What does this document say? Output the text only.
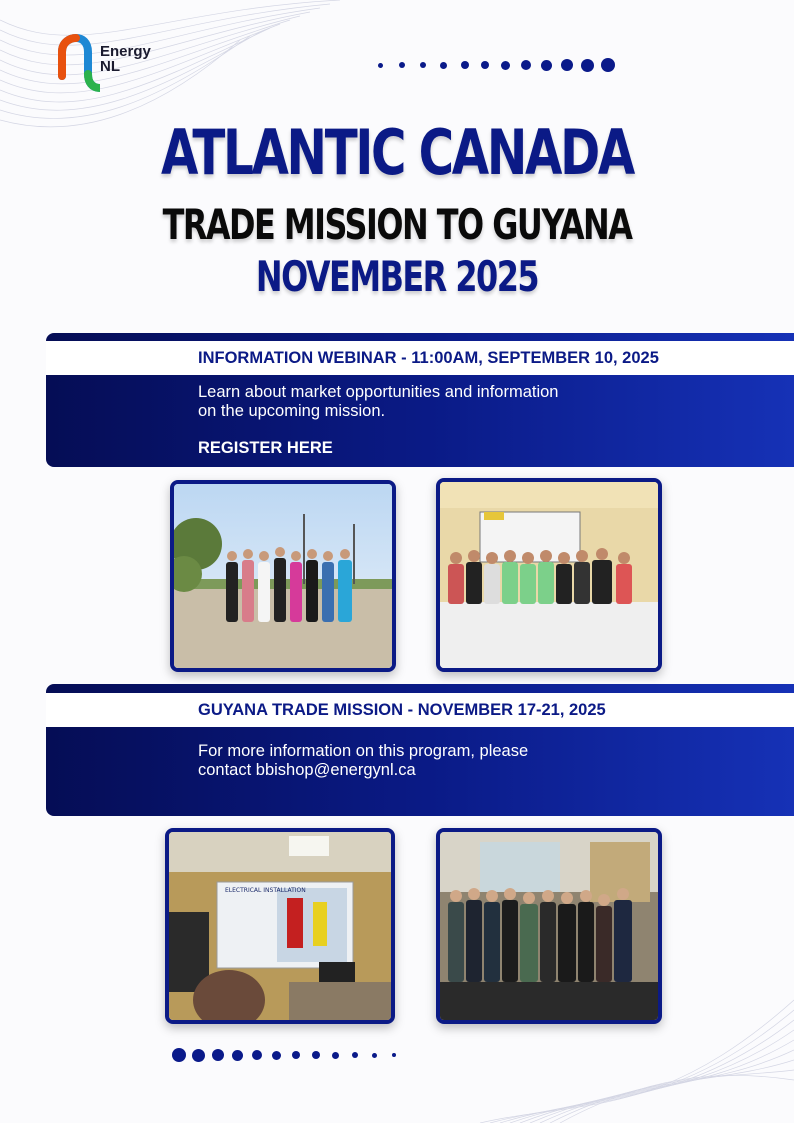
Energy
NL
ATLANTIC CANADA
TRADE MISSION TO GUYANA
NOVEMBER 2025
INFORMATION WEBINAR - 11:00AM, SEPTEMBER 10, 2025
Learn about market opportunities and information
on the upcoming mission.
REGISTER HERE
GUYANA TRADE MISSION - NOVEMBER 17-21, 2025
For more information on this program, please
contact bbishop@energynl.ca
ELECTRICAL INSTALLATION
